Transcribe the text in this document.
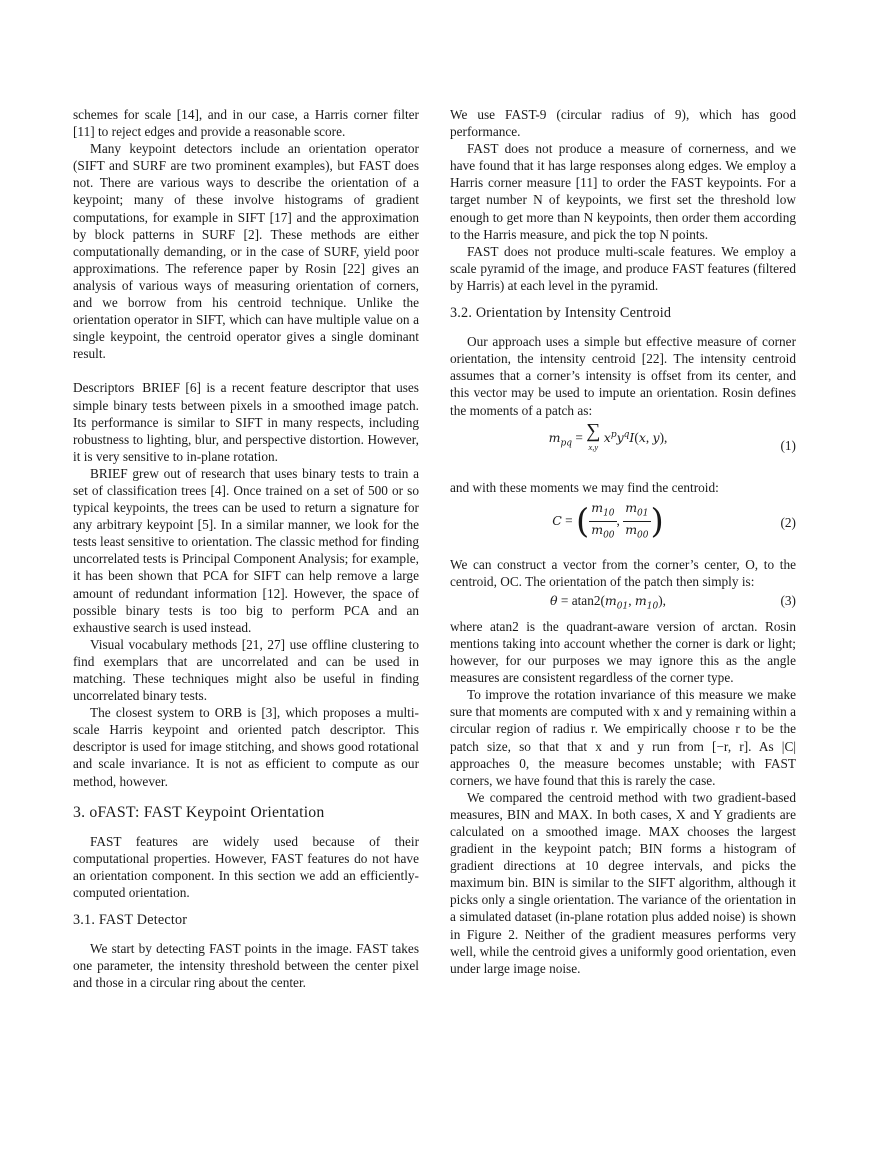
schemes for scale [14], and in our case, a Harris corner filter [11] to reject edges and provide a reasonable score.

Many keypoint detectors include an orientation operator (SIFT and SURF are two prominent examples), but FAST does not. There are various ways to describe the orientation of a keypoint; many of these involve histograms of gradient computations, for example in SIFT [17] and the approximation by block patterns in SURF [2]. These methods are either computationally demanding, or in the case of SURF, yield poor approximations. The reference paper by Rosin [22] gives an analysis of various ways of measuring orientation of corners, and we borrow from his centroid technique. Unlike the orientation operator in SIFT, which can have multiple value on a single keypoint, the centroid operator gives a single dominant result.

Descriptors BRIEF [6] is a recent feature descriptor that uses simple binary tests between pixels in a smoothed image patch. Its performance is similar to SIFT in many respects, including robustness to lighting, blur, and perspective distortion. However, it is very sensitive to in-plane rotation.

BRIEF grew out of research that uses binary tests to train a set of classification trees [4]. Once trained on a set of 500 or so typical keypoints, the trees can be used to return a signature for any arbitrary keypoint [5]. In a similar manner, we look for the tests least sensitive to orientation. The classic method for finding uncorrelated tests is Principal Component Analysis; for example, it has been shown that PCA for SIFT can help remove a large amount of redundant information [12]. However, the space of possible binary tests is too big to perform PCA and an exhaustive search is used instead.

Visual vocabulary methods [21, 27] use offline clustering to find exemplars that are uncorrelated and can be used in matching. These techniques might also be useful in finding uncorrelated binary tests.

The closest system to ORB is [3], which proposes a multi-scale Harris keypoint and oriented patch descriptor. This descriptor is used for image stitching, and shows good rotational and scale invariance. It is not as efficient to compute as our method, however.

3. oFAST: FAST Keypoint Orientation

FAST features are widely used because of their computational properties. However, FAST features do not have an orientation component. In this section we add an efficiently-computed orientation.

3.1. FAST Detector

We start by detecting FAST points in the image. FAST takes one parameter, the intensity threshold between the center pixel and those in a circular ring about the center.

We use FAST-9 (circular radius of 9), which has good performance.

FAST does not produce a measure of cornerness, and we have found that it has large responses along edges. We employ a Harris corner measure [11] to order the FAST keypoints. For a target number N of keypoints, we first set the threshold low enough to get more than N keypoints, then order them according to the Harris measure, and pick the top N points.

FAST does not produce multi-scale features. We employ a scale pyramid of the image, and produce FAST features (filtered by Harris) at each level in the pyramid.

3.2. Orientation by Intensity Centroid

Our approach uses a simple but effective measure of corner orientation, the intensity centroid [22]. The intensity centroid assumes that a corner’s intensity is offset from its center, and this vector may be used to impute an orientation. Rosin defines the moments of a patch as:

$m_{pq}$ = ∑
x,y
$x^py^qI(x$, y),
(1)

and with these moments we may find the centroid:

C = ( $\frac{m_{10}}{m_{00}}$ , $\frac{m_{01}}{m_{00}}$ )	(2)

We can construct a vector from the corner’s center, O, to the centroid, OC. The orientation of the patch then simply is:

$\theta = atan2(m_{01}$, $m_{10}$),	(3)

where atan2 is the quadrant-aware version of arctan. Rosin mentions taking into account whether the corner is dark or light; however, for our purposes we may ignore this as the angle measures are consistent regardless of the corner type.

To improve the rotation invariance of this measure we make sure that moments are computed with x and y remaining within a circular region of radius r. We empirically choose r to be the patch size, so that that x and y run from [−r, r]. As |C| approaches 0, the measure becomes unstable; with FAST corners, we have found that this is rarely the case.

We compared the centroid method with two gradient-based measures, BIN and MAX. In both cases, X and Y gradients are calculated on a smoothed image. MAX chooses the largest gradient in the keypoint patch; BIN forms a histogram of gradient directions at 10 degree intervals, and picks the maximum bin. BIN is similar to the SIFT algorithm, although it picks only a single orientation. The variance of the orientation in a simulated dataset (in-plane rotation plus added noise) is shown in Figure 2. Neither of the gradient measures performs very well, while the centroid gives a uniformly good orientation, even under large image noise.
